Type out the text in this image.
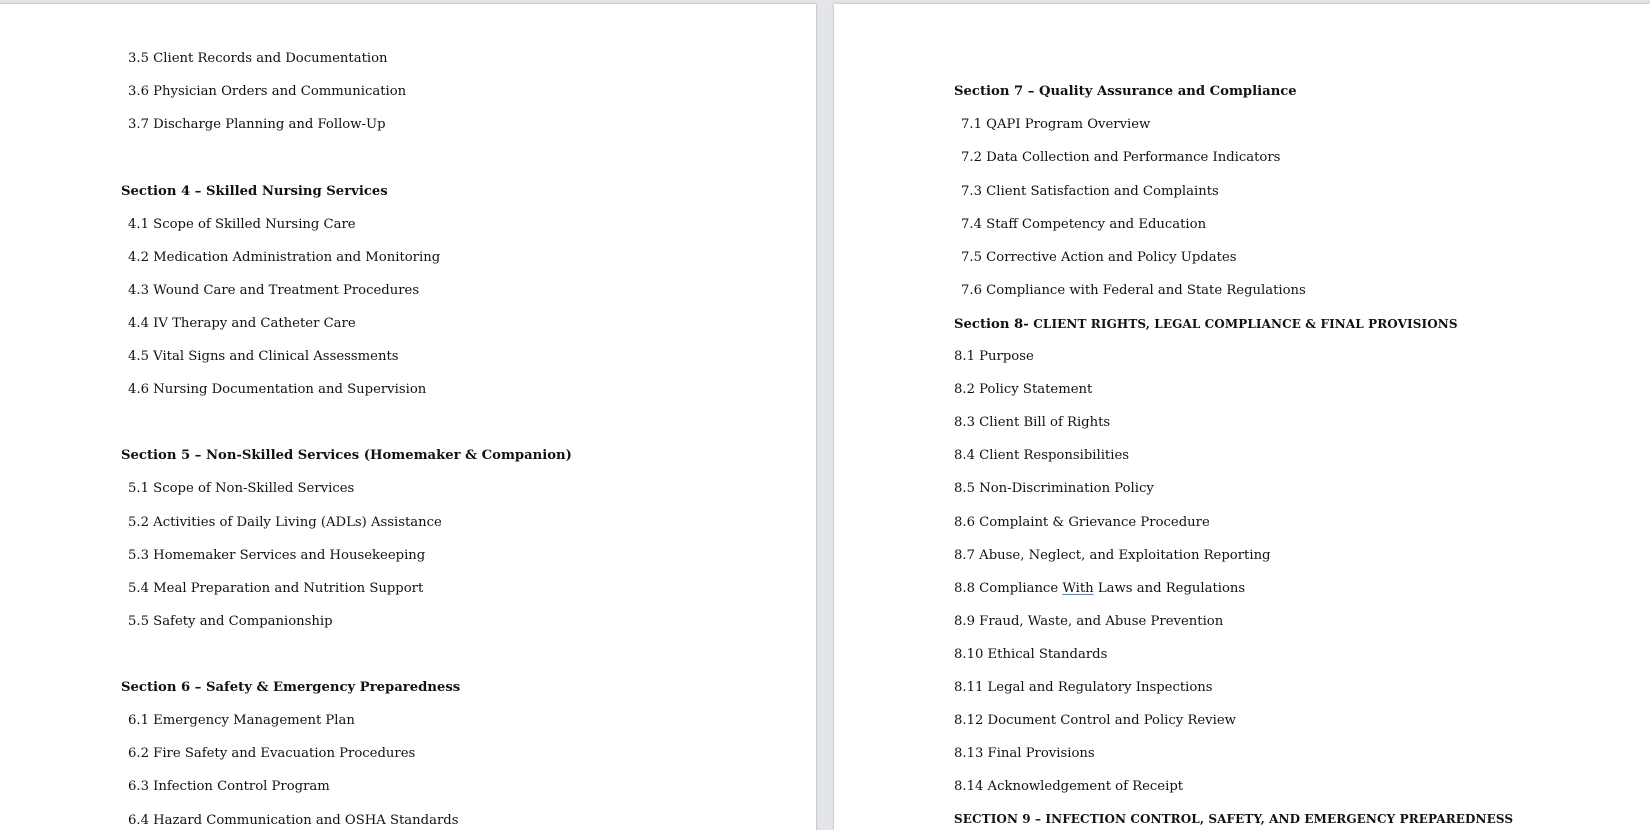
3.5 Client Records and Documentation
3.6 Physician Orders and Communication
3.7 Discharge Planning and Follow-Up
Section 4 – Skilled Nursing Services
4.1 Scope of Skilled Nursing Care
4.2 Medication Administration and Monitoring
4.3 Wound Care and Treatment Procedures
4.4 IV Therapy and Catheter Care
4.5 Vital Signs and Clinical Assessments
4.6 Nursing Documentation and Supervision
Section 5 – Non-Skilled Services (Homemaker & Companion)
5.1 Scope of Non-Skilled Services
5.2 Activities of Daily Living (ADLs) Assistance
5.3 Homemaker Services and Housekeeping
5.4 Meal Preparation and Nutrition Support
5.5 Safety and Companionship
Section 6 – Safety & Emergency Preparedness
6.1 Emergency Management Plan
6.2 Fire Safety and Evacuation Procedures
6.3 Infection Control Program
6.4 Hazard Communication and OSHA Standards
Section 7 – Quality Assurance and Compliance
7.1 QAPI Program Overview
7.2 Data Collection and Performance Indicators
7.3 Client Satisfaction and Complaints
7.4 Staff Competency and Education
7.5 Corrective Action and Policy Updates
7.6 Compliance with Federal and State Regulations
Section 8- CLIENT RIGHTS, LEGAL COMPLIANCE & FINAL PROVISIONS
8.1 Purpose
8.2 Policy Statement
8.3 Client Bill of Rights
8.4 Client Responsibilities
8.5 Non-Discrimination Policy
8.6 Complaint & Grievance Procedure
8.7 Abuse, Neglect, and Exploitation Reporting
8.8 Compliance With Laws and Regulations
8.9 Fraud, Waste, and Abuse Prevention
8.10 Ethical Standards
8.11 Legal and Regulatory Inspections
8.12 Document Control and Policy Review
8.13 Final Provisions
8.14 Acknowledgement of Receipt
SECTION 9 – INFECTION CONTROL, SAFETY, AND EMERGENCY PREPAREDNESS
